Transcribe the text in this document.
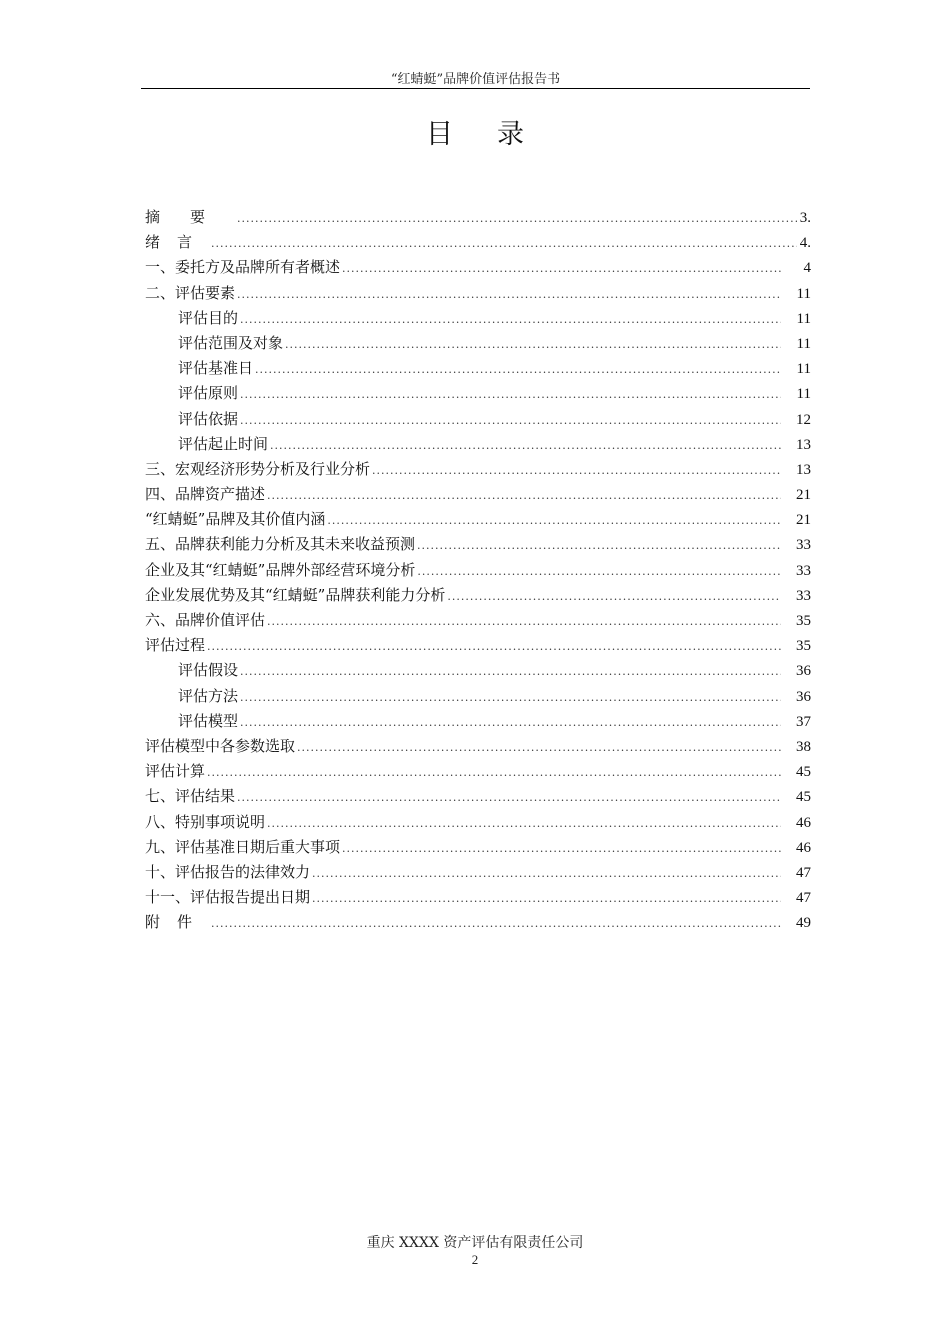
“红蜻蜓”品牌价值评估报告书
目录
摘要 .....	3.
绪言 .....	4.
一、委托方及品牌所有者概述 .....	4
二、评估要素 .....	11
评估目的 .....	11
评估范围及对象 .....	11
评估基准日 .....	11
评估原则 .....	11
评估依据 .....	12
评估起止时间 .....	13
三、宏观经济形势分析及行业分析 .....	13
四、品牌资产描述 .....	21
“红蜻蜓”品牌及其价值内涵 .....	21
五、品牌获利能力分析及其未来收益预测 .....	33
企业及其“红蜻蜓”品牌外部经营环境分析 .....	33
企业发展优势及其“红蜻蜓”品牌获利能力分析 .....	33
六、品牌价值评估 .....	35
评估过程 .....	35
评估假设 .....	36
评估方法 .....	36
评估模型 .....	37
评估模型中各参数选取 .....	38
评估计算 .....	45
七、评估结果 .....	45
八、特别事项说明 .....	46
九、评估基准日期后重大事项 .....	46
十、评估报告的法律效力 .....	47
十一、评估报告提出日期 .....	47
附件 .....	49
重庆 XXXX 资产评估有限责任公司
2
